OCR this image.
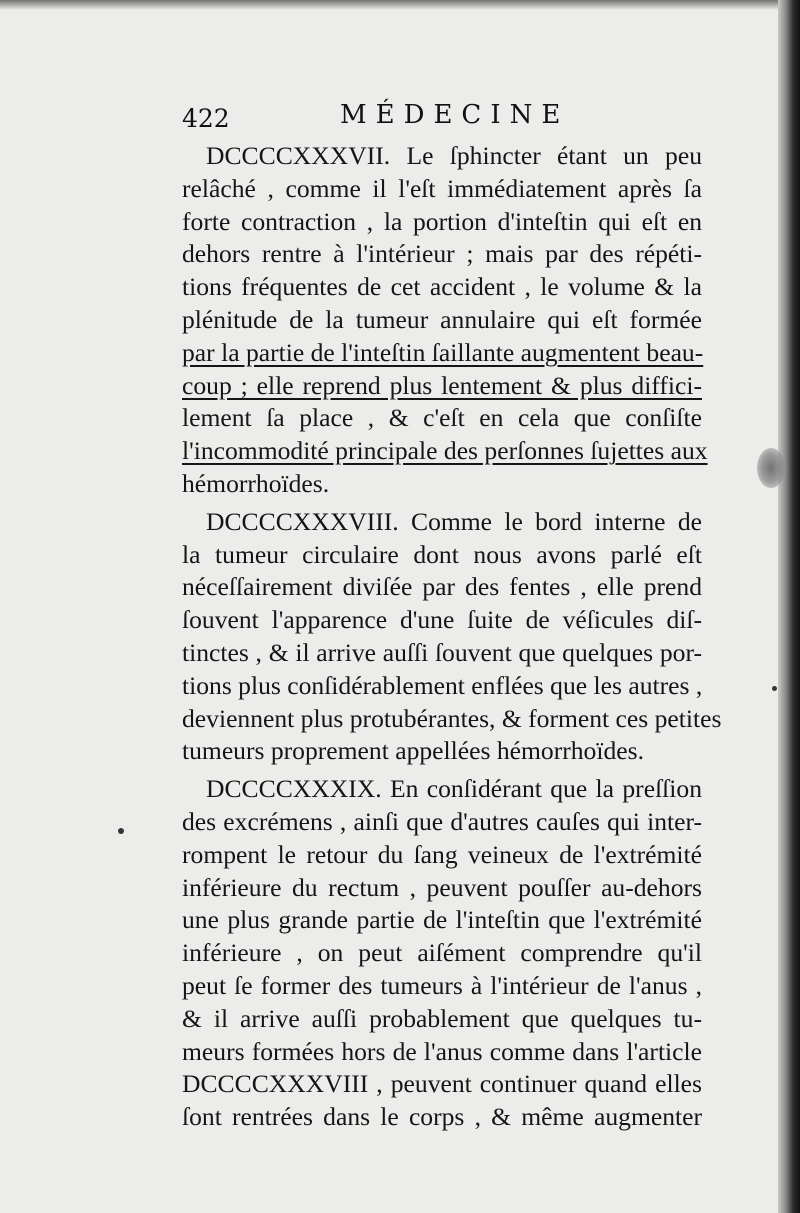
422	MÉDECINE
DCCCCXXXVII. Le ſphincter étant un peu
relâché , comme il l'eſt immédiatement après ſa
forte contraction , la portion d'inteſtin qui eſt en
dehors rentre à l'intérieur ; mais par des répéti-
tions fréquentes de cet accident , le volume & la
plénitude de la tumeur annulaire qui eſt formée
par la partie de l'inteſtin ſaillante augmentent beau-
coup ; elle reprend plus lentement & plus diffici-
lement ſa place , & c'eſt en cela que conſiſte
l'incommodité principale des perſonnes ſujettes aux
hémorrhoïdes.
DCCCCXXXVIII. Comme le bord interne de
la tumeur circulaire dont nous avons parlé eſt
néceſſairement diviſée par des fentes , elle prend
ſouvent l'apparence d'une ſuite de véſicules diſ-
tinctes , & il arrive auſſi ſouvent que quelques por-
tions plus conſidérablement enflées que les autres ,
deviennent plus protubérantes, & forment ces petites
tumeurs proprement appellées hémorrhoïdes.
DCCCCXXXIX. En conſidérant que la preſſion
des excrémens , ainſi que d'autres cauſes qui inter-
rompent le retour du ſang veineux de l'extrémité
inférieure du rectum , peuvent pouſſer au-dehors
une plus grande partie de l'inteſtin que l'extrémité
inférieure , on peut aiſément comprendre qu'il
peut ſe former des tumeurs à l'intérieur de l'anus ,
& il arrive auſſi probablement que quelques tu-
meurs formées hors de l'anus comme dans l'article
DCCCCXXXVIII , peuvent continuer quand elles
ſont rentrées dans le corps , & même augmenter
